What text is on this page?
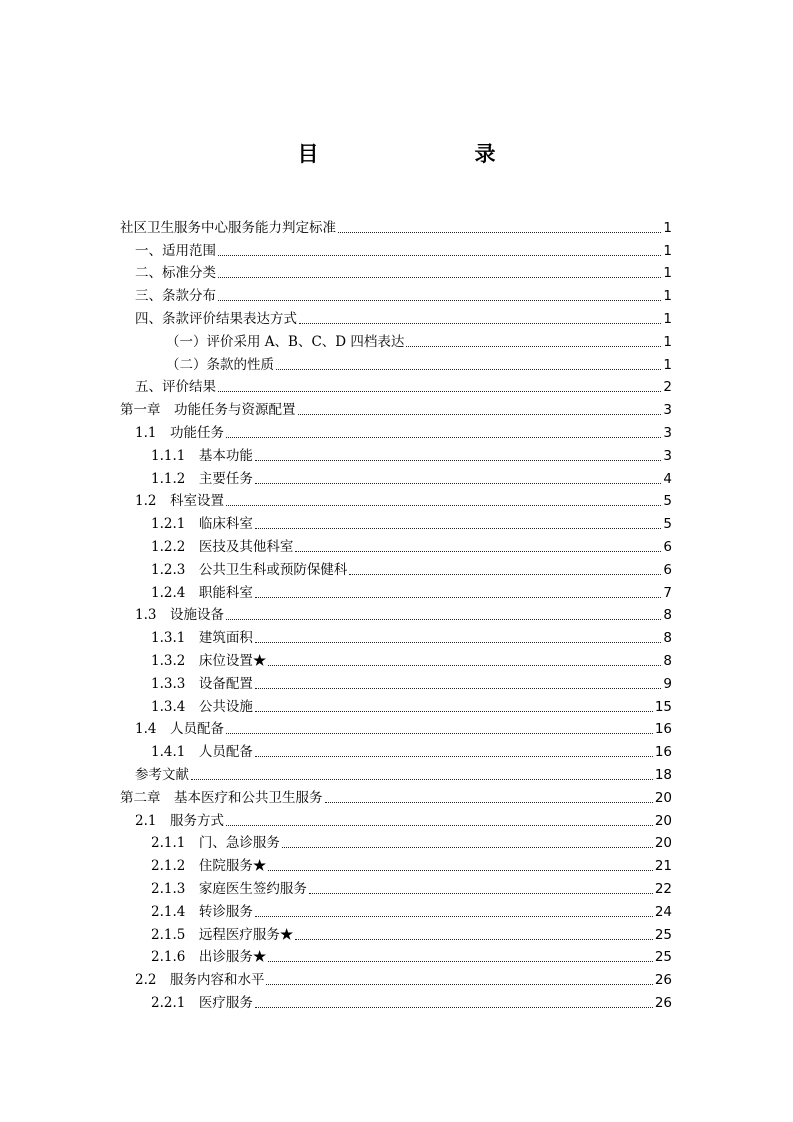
目　　录
社区卫生服务中心服务能力判定标准	1
一、适用范围	1
二、标准分类	1
三、条款分布	1
四、条款评价结果表达方式	1
（一）评价采用 A、B、C、D 四档表达	1
（二）条款的性质	1
五、评价结果	2
第一章　功能任务与资源配置	3
1.1　功能任务	3
1.1.1　基本功能	3
1.1.2　主要任务	4
1.2　科室设置	5
1.2.1　临床科室	5
1.2.2　医技及其他科室	6
1.2.3　公共卫生科或预防保健科	6
1.2.4　职能科室	7
1.3　设施设备	8
1.3.1　建筑面积	8
1.3.2　床位设置★	8
1.3.3　设备配置	9
1.3.4　公共设施	15
1.4　人员配备	16
1.4.1　人员配备	16
参考文献	18
第二章　基本医疗和公共卫生服务	20
2.1　服务方式	20
2.1.1　门、急诊服务	20
2.1.2　住院服务★	21
2.1.3　家庭医生签约服务	22
2.1.4　转诊服务	24
2.1.5　远程医疗服务★	25
2.1.6　出诊服务★	25
2.2　服务内容和水平	26
2.2.1　医疗服务	26
